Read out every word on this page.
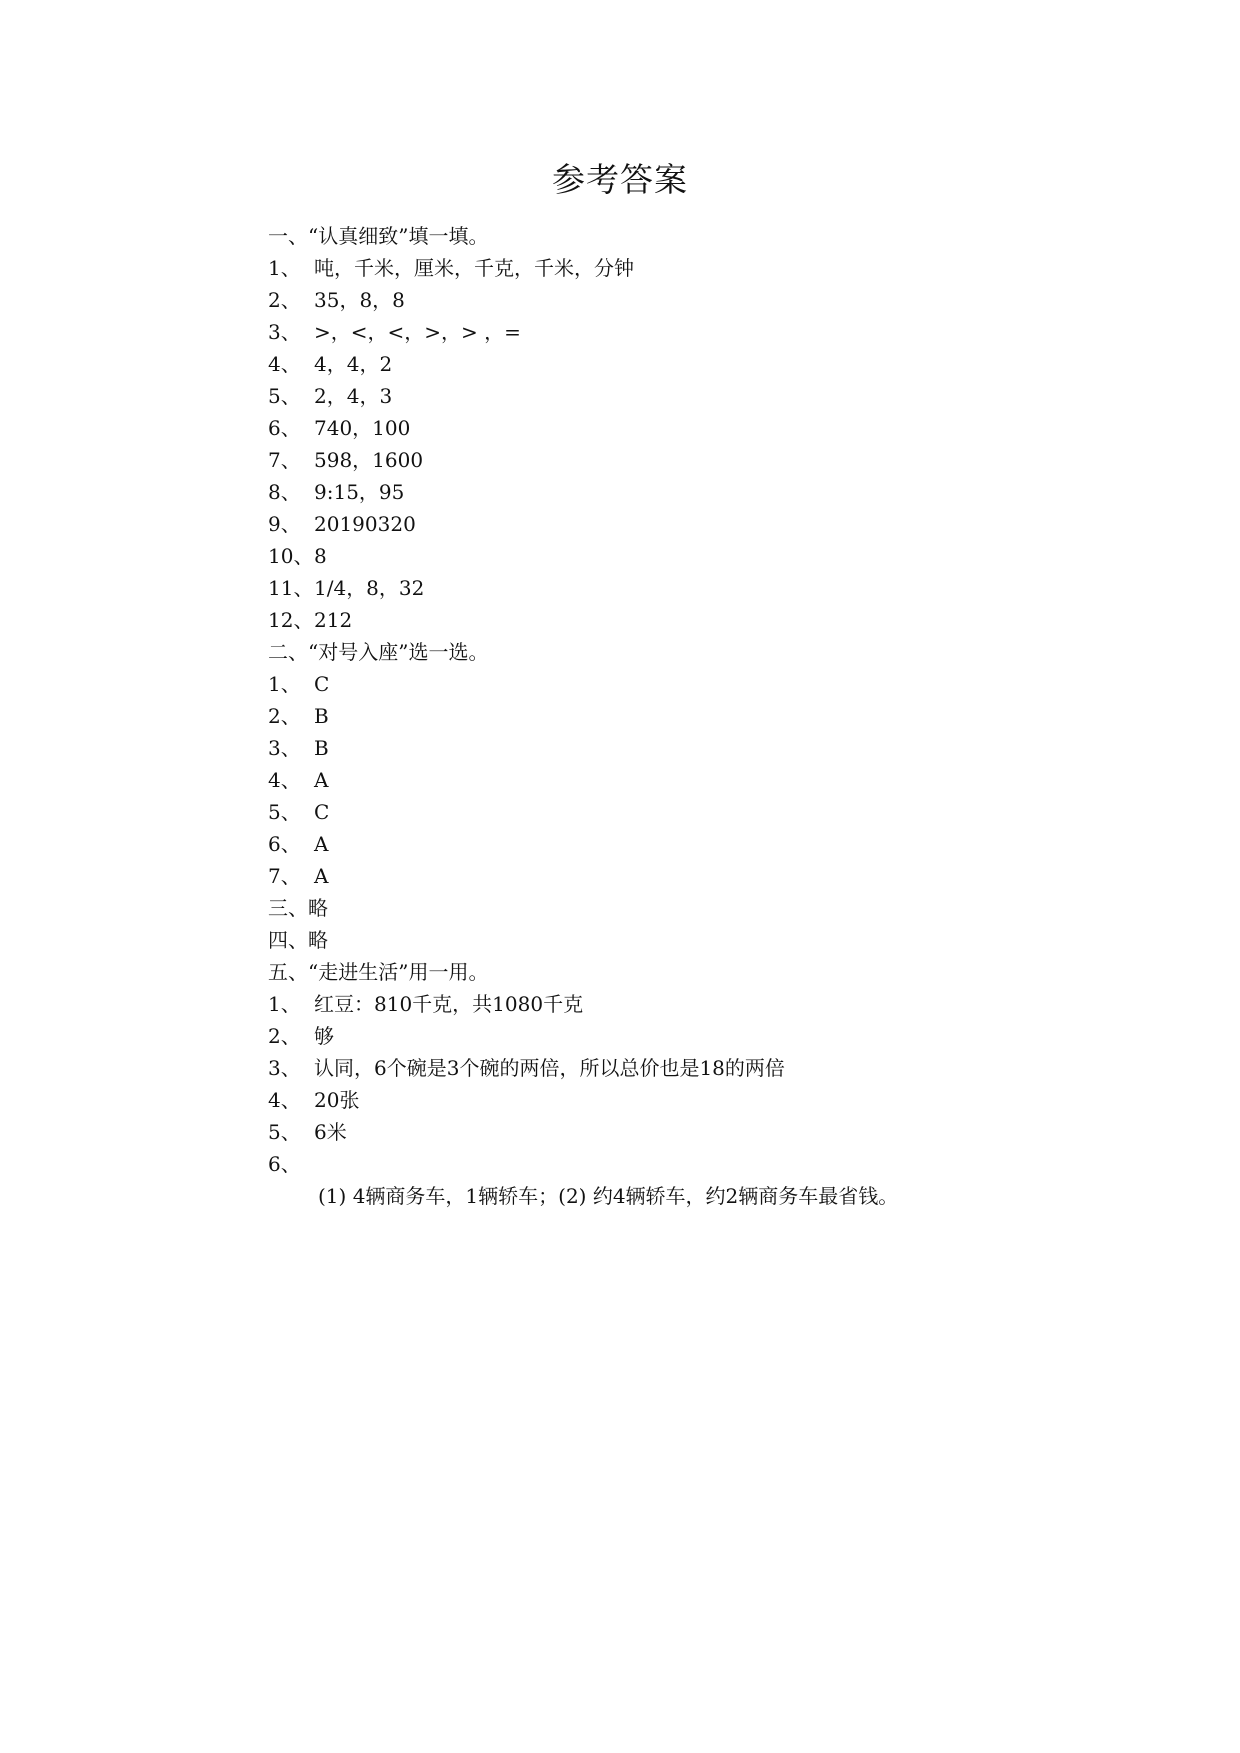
参考答案
一、“认真细致”填一填。
1、 吨，千米，厘米，千克，千米，分钟
2、 35，8，8
3、 >，<，<，>，> ，=
4、 4，4，2
5、 2，4，3
6、 740，100
7、 598，1600
8、 9:15，95
9、 20190320
10、8
11、1/4，8，32
12、212
二、“对号入座”选一选。
1、 C
2、 B
3、 B
4、 A
5、 C
6、 A
7、 A
三、略
四、略
五、“走进生活”用一用。
1、 红豆：810千克，共1080千克
2、 够
3、 认同，6个碗是3个碗的两倍，所以总价也是18的两倍
4、 20张
5、 6米
6、
(1) 4辆商务车，1辆轿车；(2) 约4辆轿车，约2辆商务车最省钱。
